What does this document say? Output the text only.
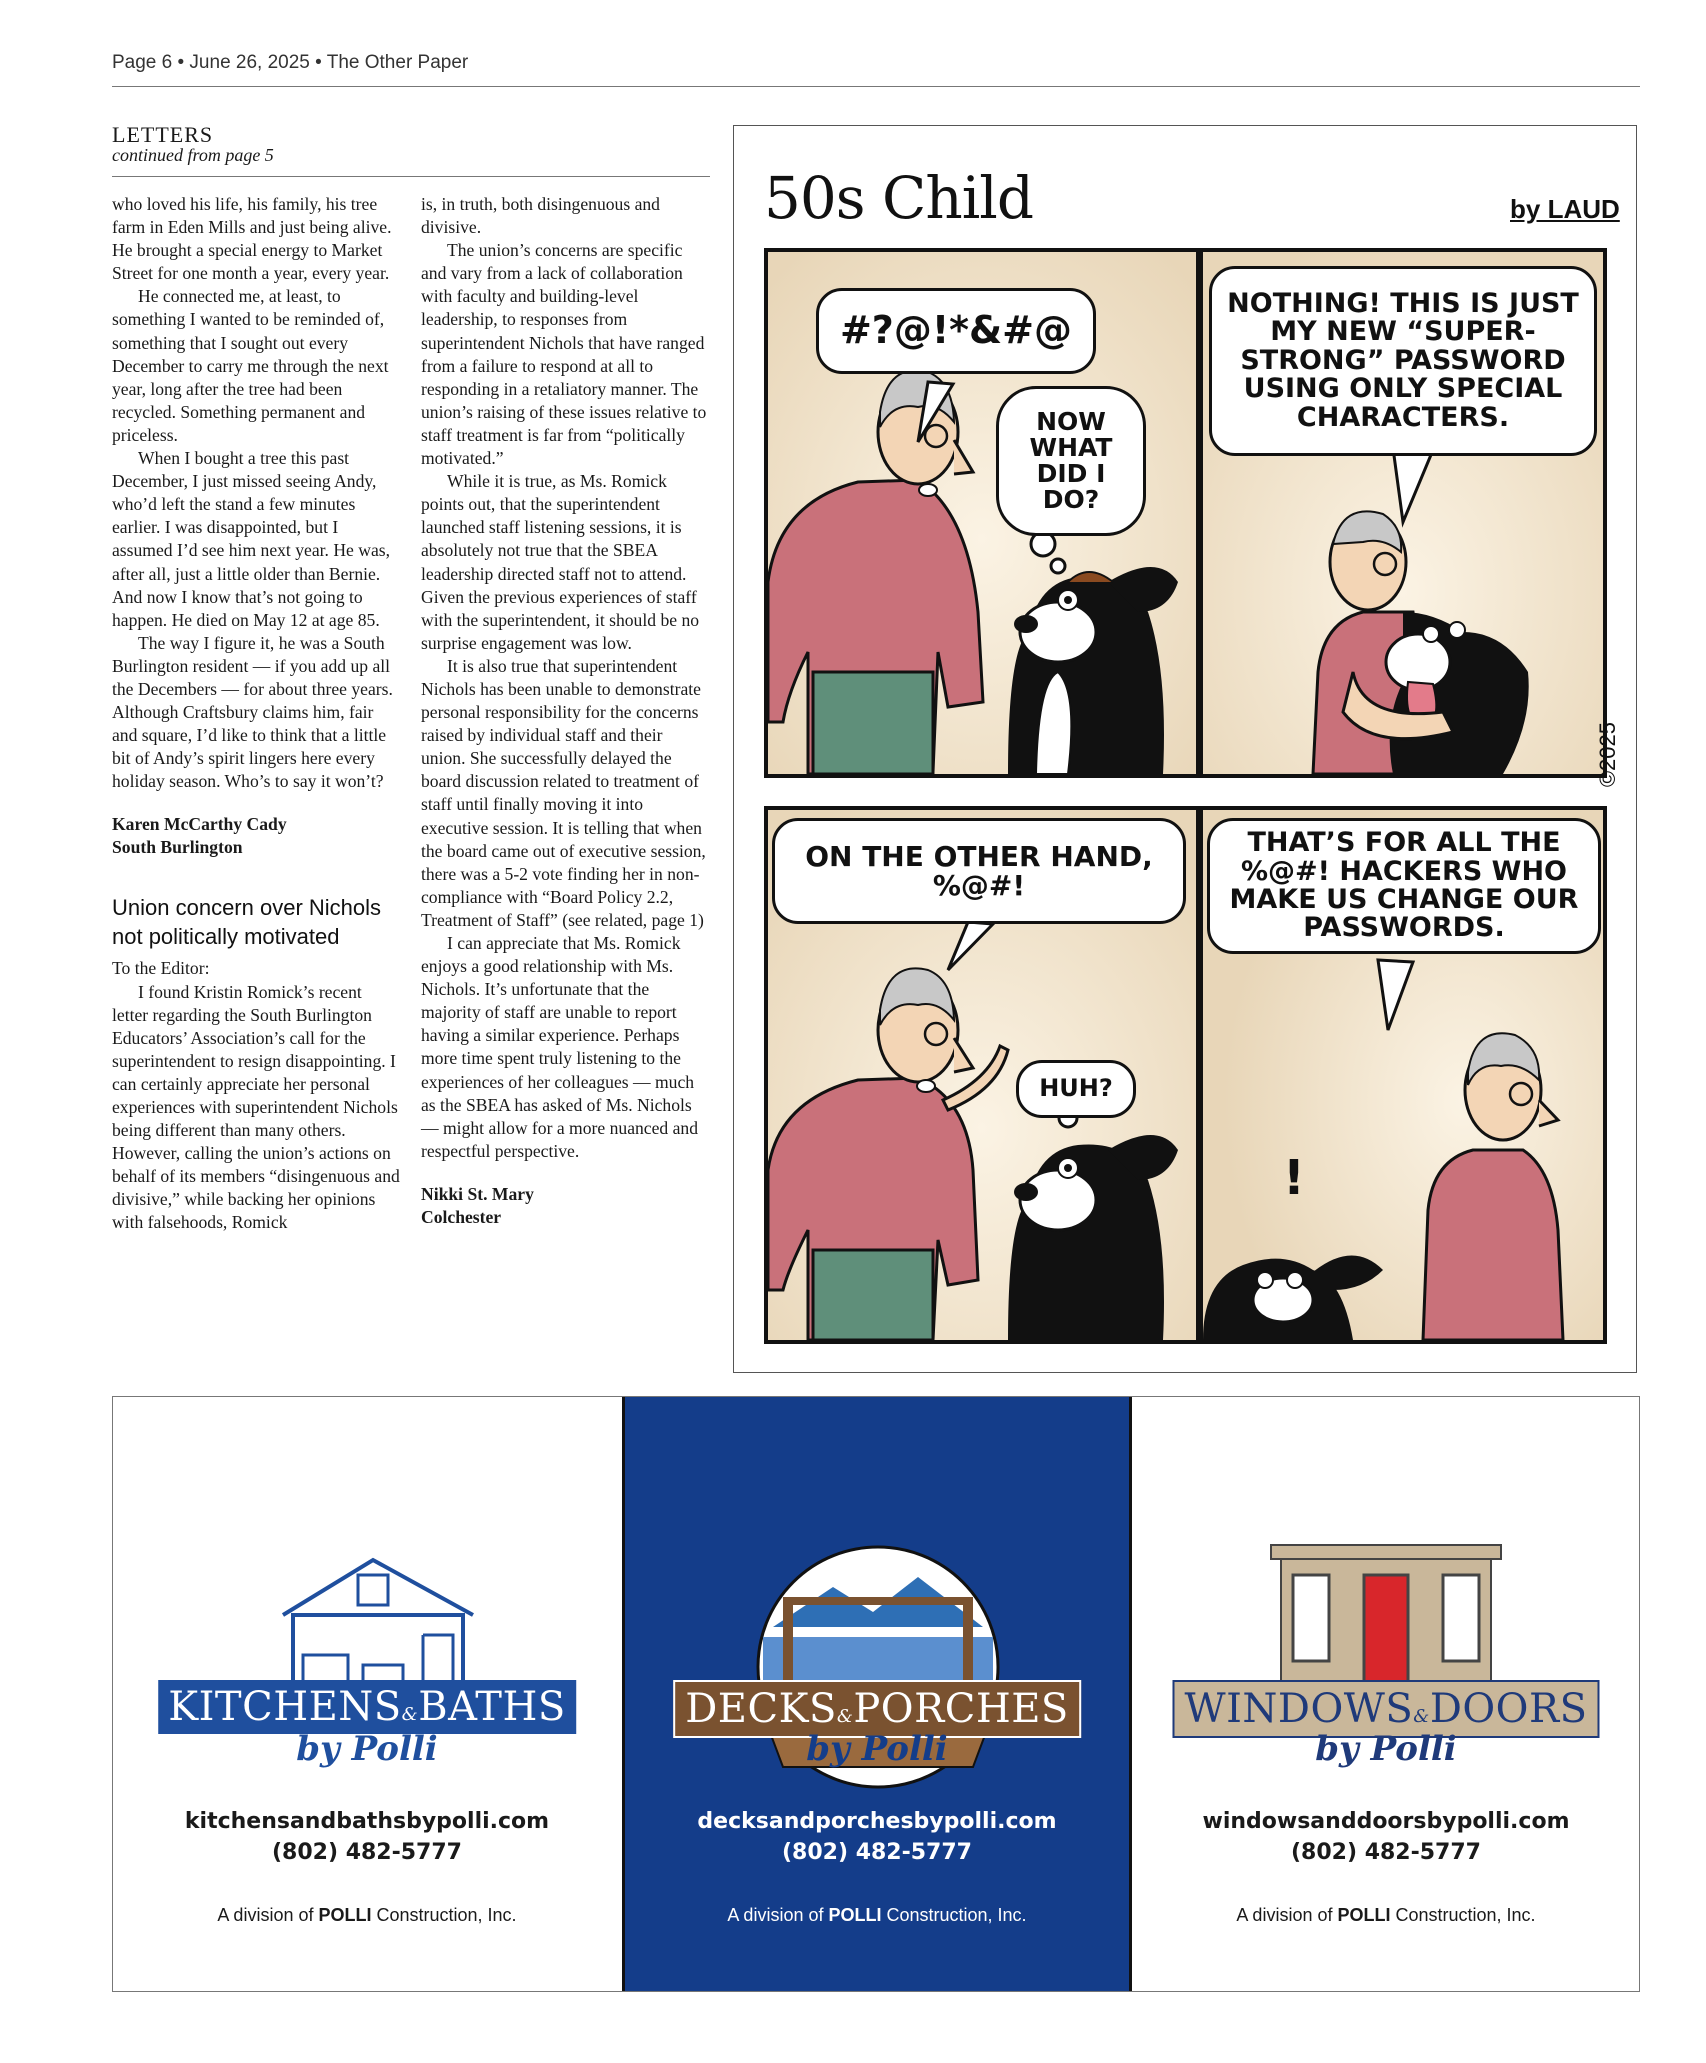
Page 6 • June 26, 2025 • The Other Paper
LETTERS
continued from page 5

who loved his life, his family, his tree farm in Eden Mills and just being alive. He brought a special energy to Market Street for one month a year, every year.

He connected me, at least, to something I wanted to be reminded of, something that I sought out every December to carry me through the next year, long after the tree had been recycled. Something permanent and priceless.

When I bought a tree this past December, I just missed seeing Andy, who’d left the stand a few minutes earlier. I was disappointed, but I assumed I’d see him next year. He was, after all, just a little older than Bernie. And now I know that’s not going to happen. He died on May 12 at age 85.

The way I figure it, he was a South Burlington resident — if you add up all the Decembers — for about three years. Although Craftsbury claims him, fair and square, I’d like to think that a little bit of Andy’s spirit lingers here every holiday season. Who’s to say it won’t?

Karen McCarthy Cady
South Burlington
Union concern over Nichols not politically motivated
To the Editor:

I found Kristin Romick’s recent letter regarding the South Burlington Educators’ Association’s call for the superintendent to resign disappointing. I can certainly appreciate her personal experiences with superintendent Nichols being different than many others. However, calling the union’s actions on behalf of its members “disingenuous and divisive,” while backing her opinions with falsehoods, Romick

is, in truth, both disingenuous and divisive.

The union’s concerns are specific and vary from a lack of collaboration with faculty and building-level leadership, to responses from superintendent Nichols that have ranged from a failure to respond at all to responding in a retaliatory manner. The union’s raising of these issues relative to staff treatment is far from “politically motivated.”

While it is true, as Ms. Romick points out, that the superintendent launched staff listening sessions, it is absolutely not true that the SBEA leadership directed staff not to attend. Given the previous experiences of staff with the superintendent, it should be no surprise engagement was low.

It is also true that superintendent Nichols has been unable to demonstrate personal responsibility for the concerns raised by individual staff and their union. She successfully delayed the board discussion related to treatment of staff until finally moving it into executive session. It is telling that when the board came out of executive session, there was a 5-2 vote finding her in non-compliance with “Board Policy 2.2, Treatment of Staff” (see related, page 1)

I can appreciate that Ms. Romick enjoys a good relationship with Ms. Nichols. It’s unfortunate that the majority of staff are unable to report having a similar experience. Perhaps more time spent truly listening to the experiences of her colleagues — much as the SBEA has asked of Ms. Nichols — might allow for a more nuanced and respectful perspective.

Nikki St. Mary
Colchester
50s Child	by LAUD
#?@!*&#@
NOW WHAT DID I DO?
NOTHING! THIS IS JUST MY NEW “SUPER-STRONG” PASSWORD USING ONLY SPECIAL CHARACTERS.
©2025
ON THE OTHER HAND, %@#!
HUH?
THAT’S FOR ALL THE %@#! HACKERS WHO MAKE US CHANGE OUR PASSWORDS.
!
KITCHENS&BATHS
by Polli
kitchensandbathsbypolli.com
(802) 482-5777
A division of POLLI Construction, Inc.
DECKS&PORCHES
by Polli
decksandporchesbypolli.com
(802) 482-5777
A division of POLLI Construction, Inc.
WINDOWS&DOORS
by Polli
windowsanddoorsbypolli.com
(802) 482-5777
A division of POLLI Construction, Inc.
